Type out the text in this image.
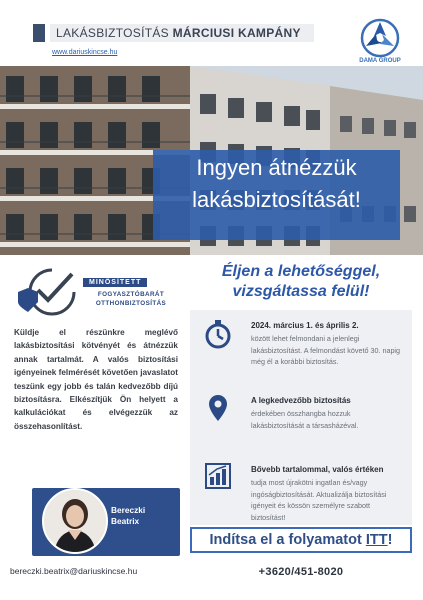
LAKÁSBIZTOSÍTÁS MÁRCIUSI KAMPÁNY
www.dariuskincse.hu
DAMA GROUP
Ingyen átnézzük
lakásbiztosítását!
MINŐSÍTETT
FOGYASZTÓBARÁT
OTTHONBIZTOSÍTÁS
Küldje el részünkre meglévő lakásbiztosítási kötvényét és átnézzük annak tartalmát. A valós biztosítási igényeinek felmérését követően javaslatot teszünk egy jobb és talán kedvezőbb díjú biztosításra. Elkészítjük Ön helyett a kalkulációkat és elvégezzük az összehasonlítást.
Bereczki
Beatrix
bereczki.beatrix@dariuskincse.hu
Éljen a lehetőséggel,
vizsgáltassa felül!
2024. március 1. és április 2.
között lehet felmondani a jelenlegi lakásbiztosítást. A felmondást követő 30. napig még él a korábbi biztosítás.
A legkedvezőbb biztosítás
érdekében összhangba hozzuk lakásbiztosítását a társasházéval.
Bővebb tartalommal, valós értéken
tudja most újrakötni ingatlan és/vagy ingóságbiztosítását. Aktualizálja biztosítási igényeit és kössön személyre szabott biztosítást!
Indítsa el a folyamatot ITT!
+3620/451-8020
